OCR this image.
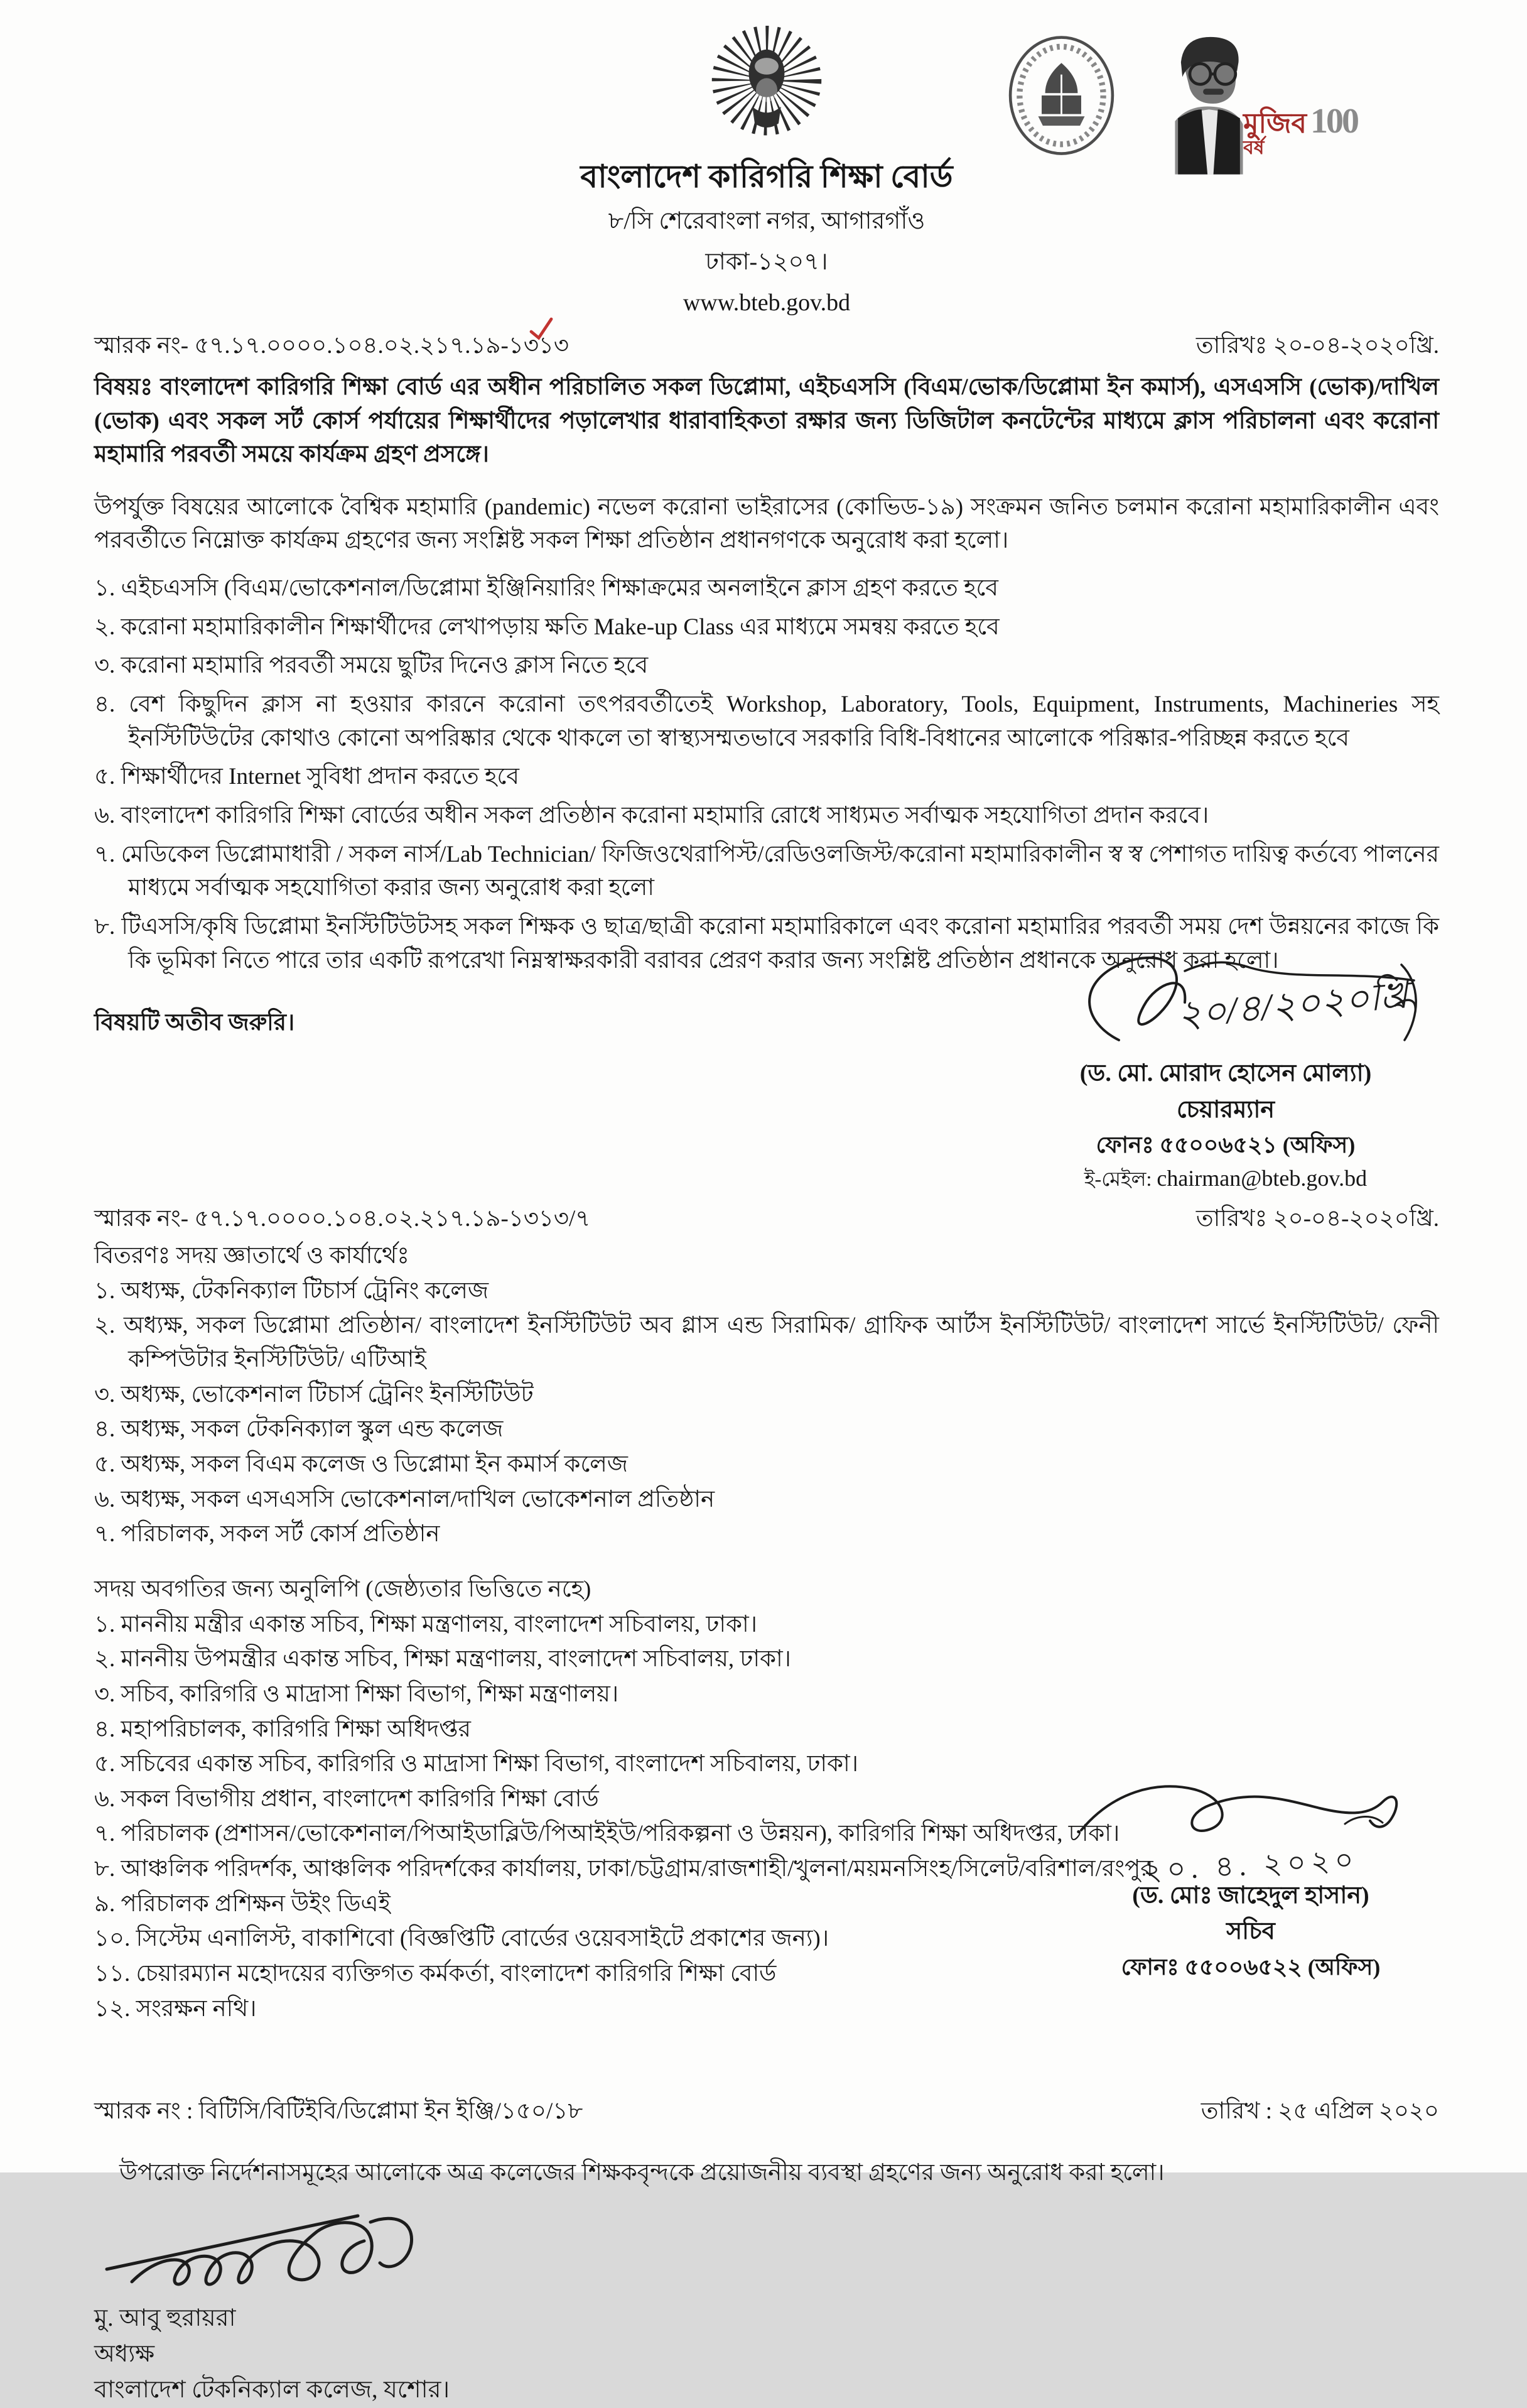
বাংলাদেশ কারিগরি শিক্ষা বোর্ড
৮/সি শেরেবাংলা নগর, আগারগাঁও
ঢাকা-১২০৭।
www.bteb.gov.bd
মুজিব 100
বর্ষ
স্মারক নং- ৫৭.১৭.০০০০.১০৪.০২.২১৭.১৯-১৩১৩	তারিখঃ ২০-০৪-২০২০খ্রি.
বিষয়ঃ বাংলাদেশ কারিগরি শিক্ষা বোর্ড এর অধীন পরিচালিত সকল ডিপ্লোমা, এইচএসসি (বিএম/ভোক/ডিপ্লোমা ইন কমার্স), এসএসসি (ভোক)/দাখিল (ভোক) এবং সকল সর্ট কোর্স পর্যায়ের শিক্ষার্থীদের পড়ালেখার ধারাবাহিকতা রক্ষার জন্য ডিজিটাল কনটেন্টের মাধ্যমে ক্লাস পরিচালনা এবং করোনা মহামারি পরবর্তী সময়ে কার্যক্রম গ্রহণ প্রসঙ্গে।
উপর্যুক্ত বিষয়ের আলোকে বৈশ্বিক মহামারি (pandemic) নভেল করোনা ভাইরাসের (কোভিড-১৯) সংক্রমন জনিত চলমান করোনা মহামারিকালীন এবং পরবর্তীতে নিম্নোক্ত কার্যক্রম গ্রহণের জন্য সংশ্লিষ্ট সকল শিক্ষা প্রতিষ্ঠান প্রধানগণকে অনুরোধ করা হলো।
১. এইচএসসি (বিএম/ভোকেশনাল/ডিপ্লোমা ইঞ্জিনিয়ারিং শিক্ষাক্রমের অনলাইনে ক্লাস গ্রহণ করতে হবে
২. করোনা মহামারিকালীন শিক্ষার্থীদের লেখাপড়ায় ক্ষতি Make-up Class এর মাধ্যমে সমন্বয় করতে হবে
৩. করোনা মহামারি পরবর্তী সময়ে ছুটির দিনেও ক্লাস নিতে হবে
৪. বেশ কিছুদিন ক্লাস না হওয়ার কারনে করোনা তৎপরবর্তীতেই Workshop, Laboratory, Tools, Equipment, Instruments, Machineries সহ ইনস্টিটিউটের কোথাও কোনো অপরিষ্কার থেকে থাকলে তা স্বাস্থ্যসম্মতভাবে সরকারি বিধি-বিধানের আলোকে পরিষ্কার-পরিচ্ছন্ন করতে হবে
৫. শিক্ষার্থীদের Internet সুবিধা প্রদান করতে হবে
৬. বাংলাদেশ কারিগরি শিক্ষা বোর্ডের অধীন সকল প্রতিষ্ঠান করোনা মহামারি রোধে সাধ্যমত সর্বাত্মক সহযোগিতা প্রদান করবে।
৭. মেডিকেল ডিপ্লোমাধারী / সকল নার্স/Lab Technician/ ফিজিওথেরাপিস্ট/রেডিওলজিস্ট/করোনা মহামারিকালীন স্ব স্ব পেশাগত দায়িত্ব কর্তব্যে পালনের মাধ্যমে সর্বাত্মক সহযোগিতা করার জন্য অনুরোধ করা হলো
৮. টিএসসি/কৃষি ডিপ্লোমা ইনস্টিটিউটসহ সকল শিক্ষক ও ছাত্র/ছাত্রী করোনা মহামারিকালে এবং করোনা মহামারির পরবর্তী সময় দেশ উন্নয়নের কাজে কি কি ভূমিকা নিতে পারে তার একটি রূপরেখা নিম্নস্বাক্ষরকারী বরাবর প্রেরণ করার জন্য সংশ্লিষ্ট প্রতিষ্ঠান প্রধানকে অনুরোধ করা হলো।
বিষয়টি অতীব জরুরি।	২০/৪/২০২০খ্রি
(ড. মো. মোরাদ হোসেন মোল্যা)
চেয়ারম্যান
ফোনঃ ৫৫০০৬৫২১ (অফিস)
ই-মেইল: chairman@bteb.gov.bd
স্মারক নং- ৫৭.১৭.০০০০.১০৪.০২.২১৭.১৯-১৩১৩/৭	তারিখঃ ২০-০৪-২০২০খ্রি.
বিতরণঃ সদয় জ্ঞাতার্থে ও কার্যার্থেঃ
১. অধ্যক্ষ, টেকনিক্যাল টিচার্স ট্রেনিং কলেজ
২. অধ্যক্ষ, সকল ডিপ্লোমা প্রতিষ্ঠান/ বাংলাদেশ ইনস্টিটিউট অব গ্লাস এন্ড সিরামিক/ গ্রাফিক আর্টস ইনস্টিটিউট/ বাংলাদেশ সার্ভে ইনস্টিটিউট/ ফেনী কম্পিউটার ইনস্টিটিউট/ এটিআই
৩. অধ্যক্ষ, ভোকেশনাল টিচার্স ট্রেনিং ইনস্টিটিউট
৪. অধ্যক্ষ, সকল টেকনিক্যাল স্কুল এন্ড কলেজ
৫. অধ্যক্ষ, সকল বিএম কলেজ ও ডিপ্লোমা ইন কমার্স কলেজ
৬. অধ্যক্ষ, সকল এসএসসি ভোকেশনাল/দাখিল ভোকেশনাল প্রতিষ্ঠান
৭. পরিচালক, সকল সর্ট কোর্স প্রতিষ্ঠান
সদয় অবগতির জন্য অনুলিপি (জেষ্ঠ্যতার ভিত্তিতে নহে)
১. মাননীয় মন্ত্রীর একান্ত সচিব, শিক্ষা মন্ত্রণালয়, বাংলাদেশ সচিবালয়, ঢাকা।
২. মাননীয় উপমন্ত্রীর একান্ত সচিব, শিক্ষা মন্ত্রণালয়, বাংলাদেশ সচিবালয়, ঢাকা।
৩. সচিব, কারিগরি ও মাদ্রাসা শিক্ষা বিভাগ, শিক্ষা মন্ত্রণালয়।
৪. মহাপরিচালক, কারিগরি শিক্ষা অধিদপ্তর
৫. সচিবের একান্ত সচিব, কারিগরি ও মাদ্রাসা শিক্ষা বিভাগ, বাংলাদেশ সচিবালয়, ঢাকা।
৬. সকল বিভাগীয় প্রধান, বাংলাদেশ কারিগরি শিক্ষা বোর্ড
৭. পরিচালক (প্রশাসন/ভোকেশনাল/পিআইডাব্লিউ/পিআইইউ/পরিকল্পনা ও উন্নয়ন), কারিগরি শিক্ষা অধিদপ্তর, ঢাকা।
৮. আঞ্চলিক পরিদর্শক, আঞ্চলিক পরিদর্শকের কার্যালয়, ঢাকা/চট্টগ্রাম/রাজশাহী/খুলনা/ময়মনসিংহ/সিলেট/বরিশাল/রংপুর
৯. পরিচালক প্রশিক্ষন উইং ডিএই
১০. সিস্টেম এনালিস্ট, বাকাশিবো (বিজ্ঞপ্তিটি বোর্ডের ওয়েবসাইটে প্রকাশের জন্য)।
১১. চেয়ারম্যান মহোদয়ের ব্যক্তিগত কর্মকর্তা, বাংলাদেশ কারিগরি শিক্ষা বোর্ড
১২. সংরক্ষন নথি।
২০. ৪. ২০২০
(ড. মোঃ জাহেদুল হাসান)
সচিব
ফোনঃ ৫৫০০৬৫২২ (অফিস)
স্মারক নং : বিটিসি/বিটিইবি/ডিপ্লোমা ইন ইঞ্জি/১৫০/১৮	তারিখ : ২৫ এপ্রিল ২০২০
উপরোক্ত নির্দেশনাসমূহের আলোকে অত্র কলেজের শিক্ষকবৃন্দকে প্রয়োজনীয় ব্যবস্থা গ্রহণের জন্য অনুরোধ করা হলো।
মু. আবু হুরায়রা
অধ্যক্ষ
বাংলাদেশ টেকনিক্যাল কলেজ, যশোর।
